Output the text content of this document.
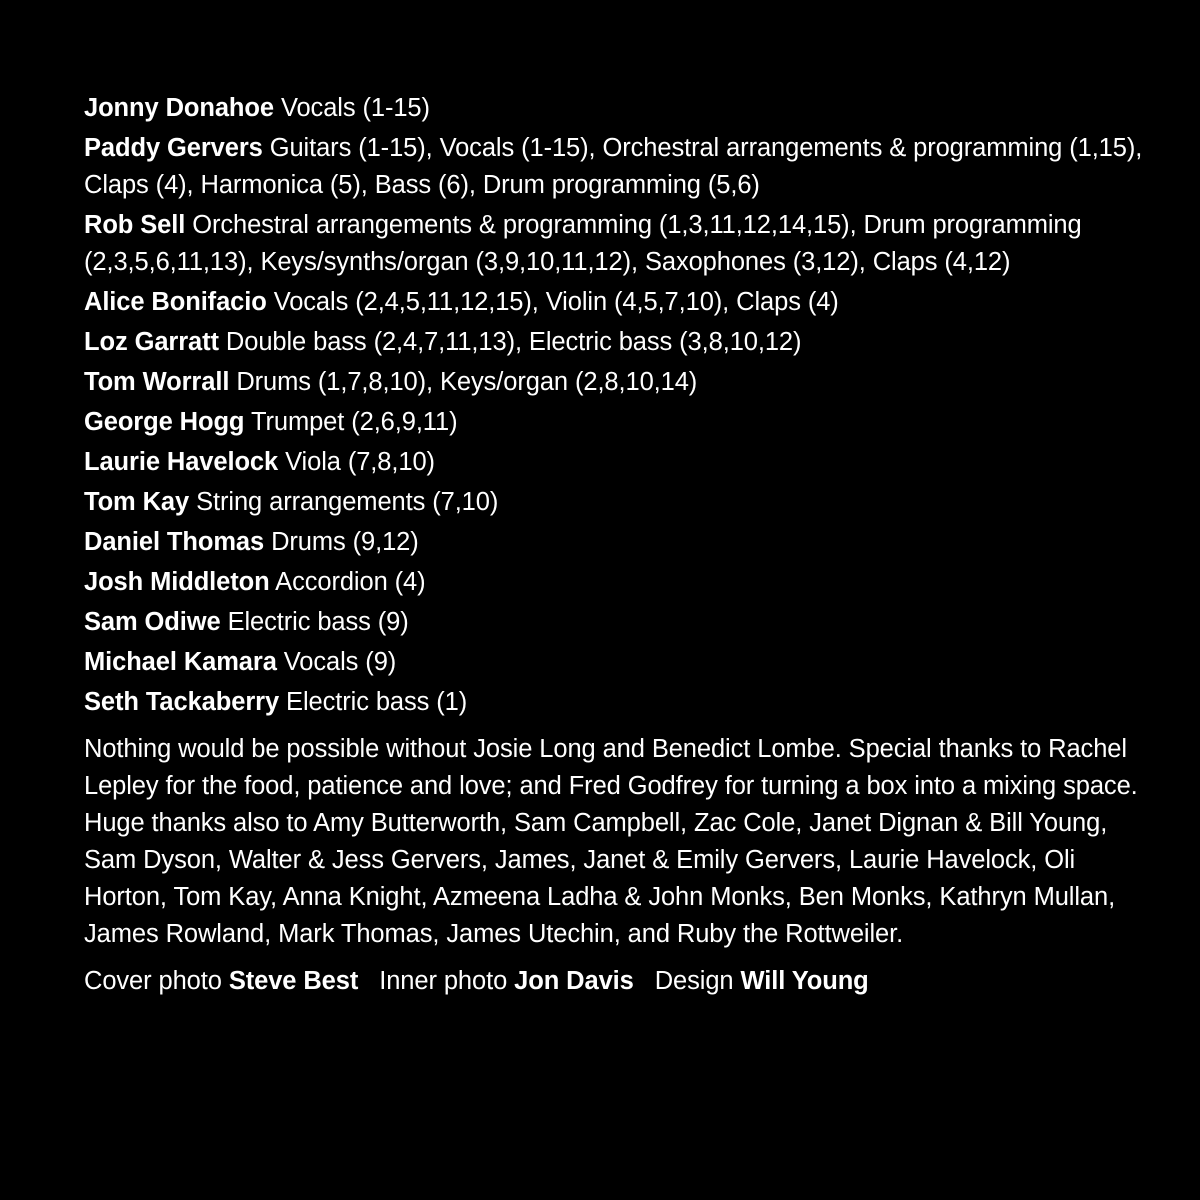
Jonny Donahoe Vocals (1-15)
Paddy Gervers Guitars (1-15), Vocals (1-15), Orchestral arrangements & programming (1,15), Claps (4), Harmonica (5), Bass (6), Drum programming (5,6)
Rob Sell Orchestral arrangements & programming (1,3,11,12,14,15), Drum programming (2,3,5,6,11,13), Keys/synths/organ (3,9,10,11,12), Saxophones (3,12), Claps (4,12)
Alice Bonifacio Vocals (2,4,5,11,12,15), Violin (4,5,7,10), Claps (4)
Loz Garratt Double bass (2,4,7,11,13), Electric bass (3,8,10,12)
Tom Worrall Drums (1,7,8,10), Keys/organ (2,8,10,14)
George Hogg Trumpet (2,6,9,11)
Laurie Havelock Viola (7,8,10)
Tom Kay String arrangements (7,10)
Daniel Thomas Drums (9,12)
Josh Middleton Accordion (4)
Sam Odiwe Electric bass (9)
Michael Kamara Vocals (9)
Seth Tackaberry Electric bass (1)

Nothing would be possible without Josie Long and Benedict Lombe. Special thanks to Rachel Lepley for the food, patience and love; and Fred Godfrey for turning a box into a mixing space. Huge thanks also to Amy Butterworth, Sam Campbell, Zac Cole, Janet Dignan & Bill Young, Sam Dyson, Walter & Jess Gervers, James, Janet & Emily Gervers, Laurie Havelock, Oli Horton, Tom Kay, Anna Knight, Azmeena Ladha & John Monks, Ben Monks, Kathryn Mullan, James Rowland, Mark Thomas, James Utechin, and Ruby the Rottweiler.

Cover photo Steve Best Inner photo Jon Davis Design Will Young
